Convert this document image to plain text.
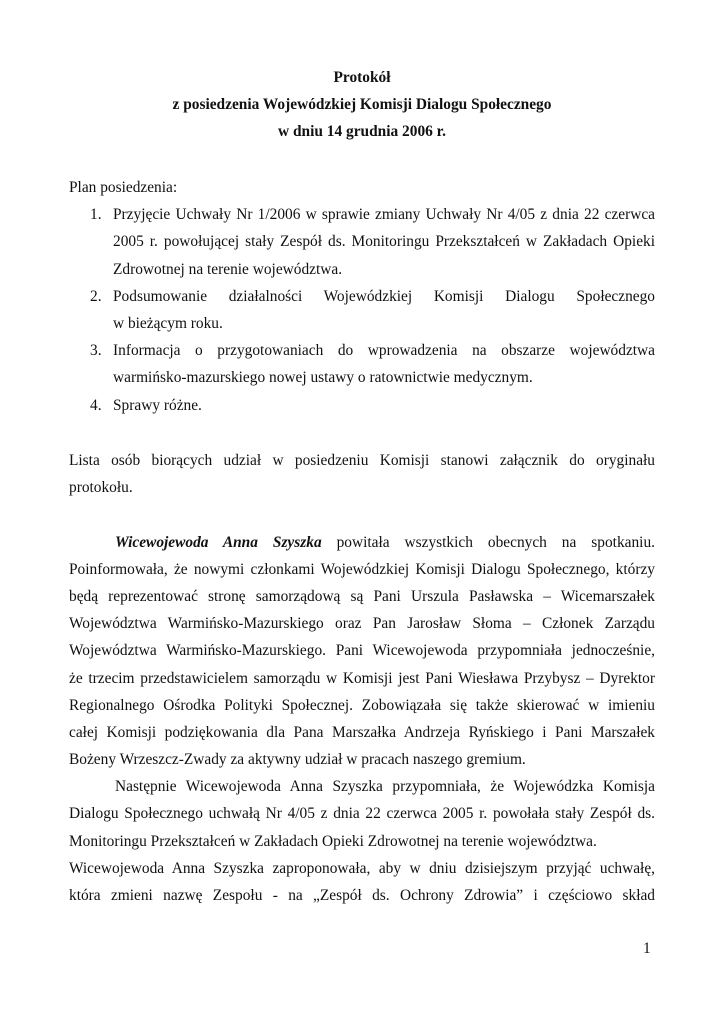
Protokół
z posiedzenia Wojewódzkiej Komisji Dialogu Społecznego
w dniu 14 grudnia 2006 r.
Plan posiedzenia:
1. Przyjęcie Uchwały Nr 1/2006 w sprawie zmiany Uchwały Nr 4/05 z dnia 22 czerwca
2005 r. powołującej stały Zespół ds. Monitoringu Przekształceń w Zakładach Opieki
Zdrowotnej na terenie województwa.
2. Podsumowanie działalności Wojewódzkiej Komisji Dialogu Społecznego
w bieżącym roku.
3. Informacja o przygotowaniach do wprowadzenia na obszarze województwa
warmińsko-mazurskiego nowej ustawy o ratownictwie medycznym.
4. Sprawy różne.
Lista osób biorących udział w posiedzeniu Komisji stanowi załącznik do oryginału
protokołu.
Wicewojewoda Anna Szyszka powitała wszystkich obecnych na spotkaniu.
Poinformowała, że nowymi członkami Wojewódzkiej Komisji Dialogu Społecznego, którzy
będą reprezentować stronę samorządową są Pani Urszula Pasławska – Wicemarszałek
Województwa Warmińsko-Mazurskiego oraz Pan Jarosław Słoma – Członek Zarządu
Województwa Warmińsko-Mazurskiego. Pani Wicewojewoda przypomniała jednocześnie,
że trzecim przedstawicielem samorządu w Komisji jest Pani Wiesława Przybysz – Dyrektor
Regionalnego Ośrodka Polityki Społecznej. Zobowiązała się także skierować w imieniu
całej Komisji podziękowania dla Pana Marszałka Andrzeja Ryńskiego i Pani Marszałek
Bożeny Wrzeszcz-Zwady za aktywny udział w pracach naszego gremium.
Następnie Wicewojewoda Anna Szyszka przypomniała, że Wojewódzka Komisja
Dialogu Społecznego uchwałą Nr 4/05 z dnia 22 czerwca 2005 r. powołała stały Zespół ds.
Monitoringu Przekształceń w Zakładach Opieki Zdrowotnej na terenie województwa.
Wicewojewoda Anna Szyszka zaproponowała, aby w dniu dzisiejszym przyjąć uchwałę,
która zmieni nazwę Zespołu - na „Zespół ds. Ochrony Zdrowia” i częściowo skład
1
